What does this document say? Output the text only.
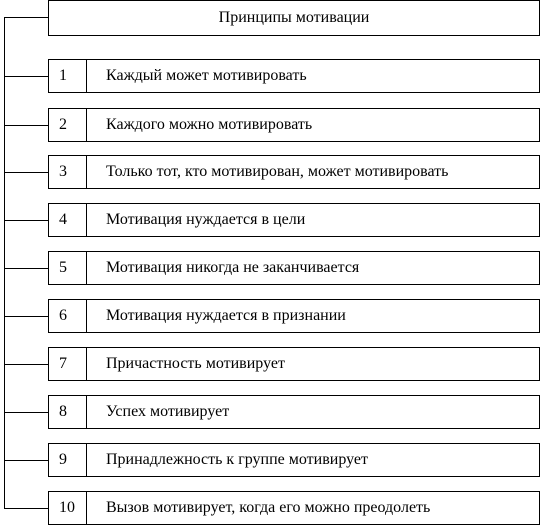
Принципы мотивации
1	Каждый может мотивировать
2	Каждого можно мотивировать
3	Только тот, кто мотивирован, может мотивировать
4	Мотивация нуждается в цели
5	Мотивация никогда не заканчивается
6	Мотивация нуждается в признании
7	Причастность мотивирует
8	Успех мотивирует
9	Принадлежность к группе мотивирует
10	Вызов мотивирует, когда его можно преодолеть
